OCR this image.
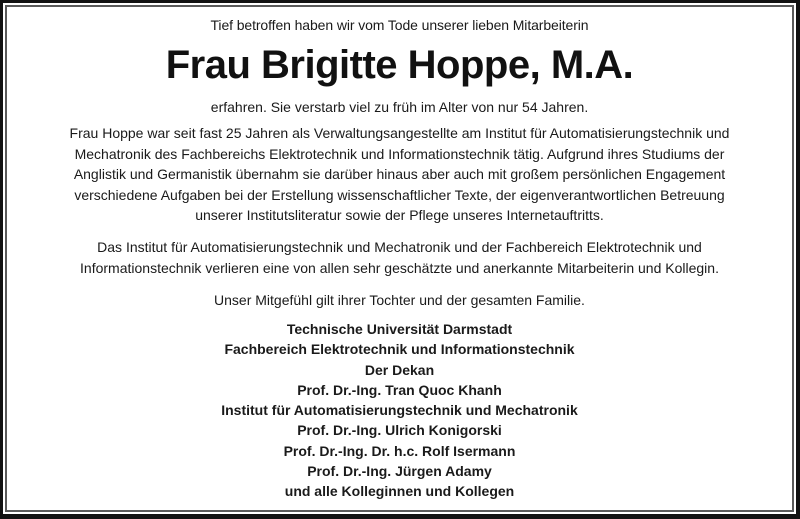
Tief betroffen haben wir vom Tode unserer lieben Mitarbeiterin
Frau Brigitte Hoppe, M.A.
erfahren. Sie verstarb viel zu früh im Alter von nur 54 Jahren.
Frau Hoppe war seit fast 25 Jahren als Verwaltungsangestellte am Institut für Automatisierungstechnik und
Mechatronik des Fachbereichs Elektrotechnik und Informationstechnik tätig. Aufgrund ihres Studiums der
Anglistik und Germanistik übernahm sie darüber hinaus aber auch mit großem persönlichen Engagement
verschiedene Aufgaben bei der Erstellung wissenschaftlicher Texte, der eigenverantwortlichen Betreuung
unserer Institutsliteratur sowie der Pflege unseres Internetauftritts.
Das Institut für Automatisierungstechnik und Mechatronik und der Fachbereich Elektrotechnik und
Informationstechnik verlieren eine von allen sehr geschätzte und anerkannte Mitarbeiterin und Kollegin.
Unser Mitgefühl gilt ihrer Tochter und der gesamten Familie.
Technische Universität Darmstadt
Fachbereich Elektrotechnik und Informationstechnik
Der Dekan
Prof. Dr.-Ing. Tran Quoc Khanh
Institut für Automatisierungstechnik und Mechatronik
Prof. Dr.-Ing. Ulrich Konigorski
Prof. Dr.-Ing. Dr. h.c. Rolf Isermann
Prof. Dr.-Ing. Jürgen Adamy
und alle Kolleginnen und Kollegen
